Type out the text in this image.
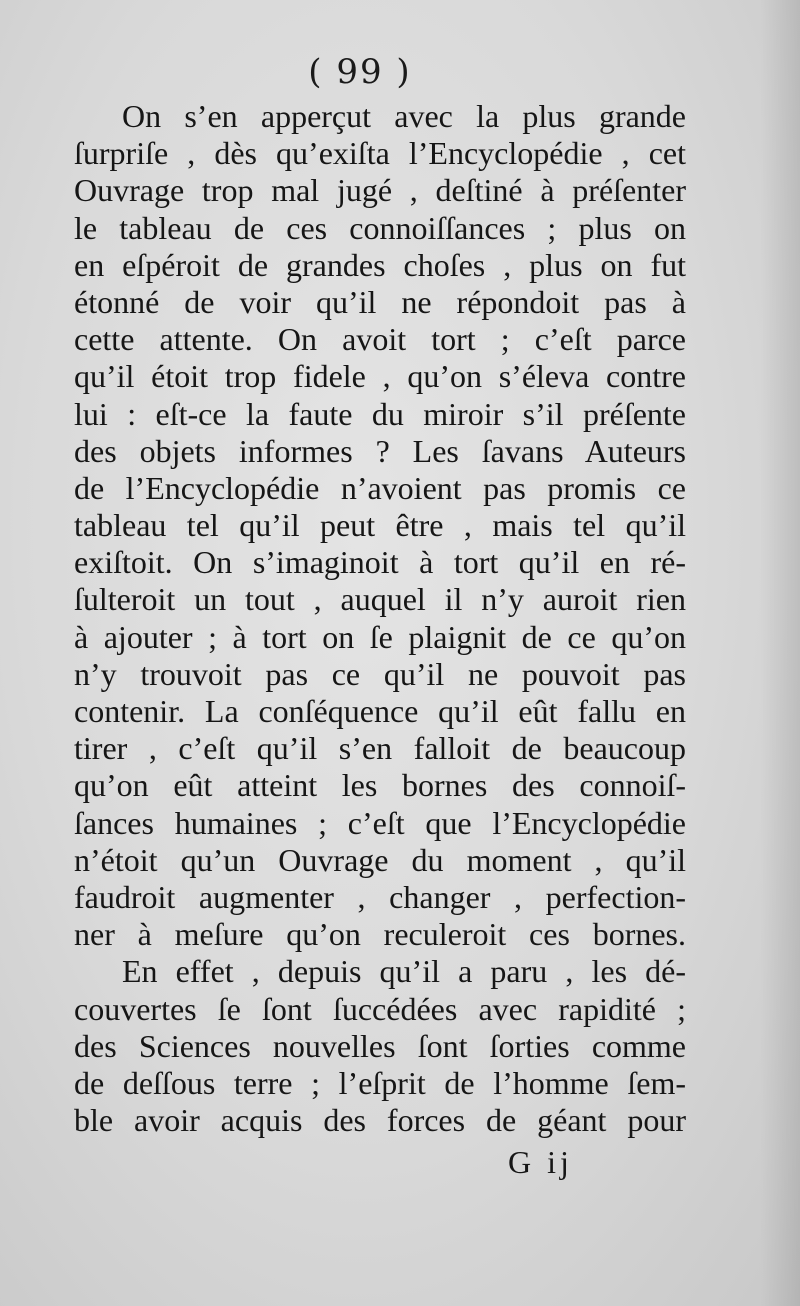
( 99 )
On s’en apperçut avec la plus grande
ſurpriſe , dès qu’exiſta l’Encyclopédie , cet
Ouvrage trop mal jugé , deſtiné à préſenter
le tableau de ces connoiſſances ; plus on
en eſpéroit de grandes choſes , plus on fut
étonné de voir qu’il ne répondoit pas à
cette attente. On avoit tort ; c’eſt parce
qu’il étoit trop fidele , qu’on s’éleva contre
lui : eſt-ce la faute du miroir s’il préſente
des objets informes ? Les ſavans Auteurs
de l’Encyclopédie n’avoient pas promis ce
tableau tel qu’il peut être , mais tel qu’il
exiſtoit. On s’imaginoit à tort qu’il en ré-
ſulteroit un tout , auquel il n’y auroit rien
à ajouter ; à tort on ſe plaignit de ce qu’on
n’y trouvoit pas ce qu’il ne pouvoit pas
contenir. La conſéquence qu’il eût fallu en
tirer , c’eſt qu’il s’en falloit de beaucoup
qu’on eût atteint les bornes des connoiſ-
ſances humaines ; c’eſt que l’Encyclopédie
n’étoit qu’un Ouvrage du moment , qu’il
faudroit augmenter , changer , perfection-
ner à meſure qu’on reculeroit ces bornes.
En effet , depuis qu’il a paru , les dé-
couvertes ſe ſont ſuccédées avec rapidité ;
des Sciences nouvelles ſont ſorties comme
de deſſous terre ; l’eſprit de l’homme ſem-
ble avoir acquis des forces de géant pour
G ij
